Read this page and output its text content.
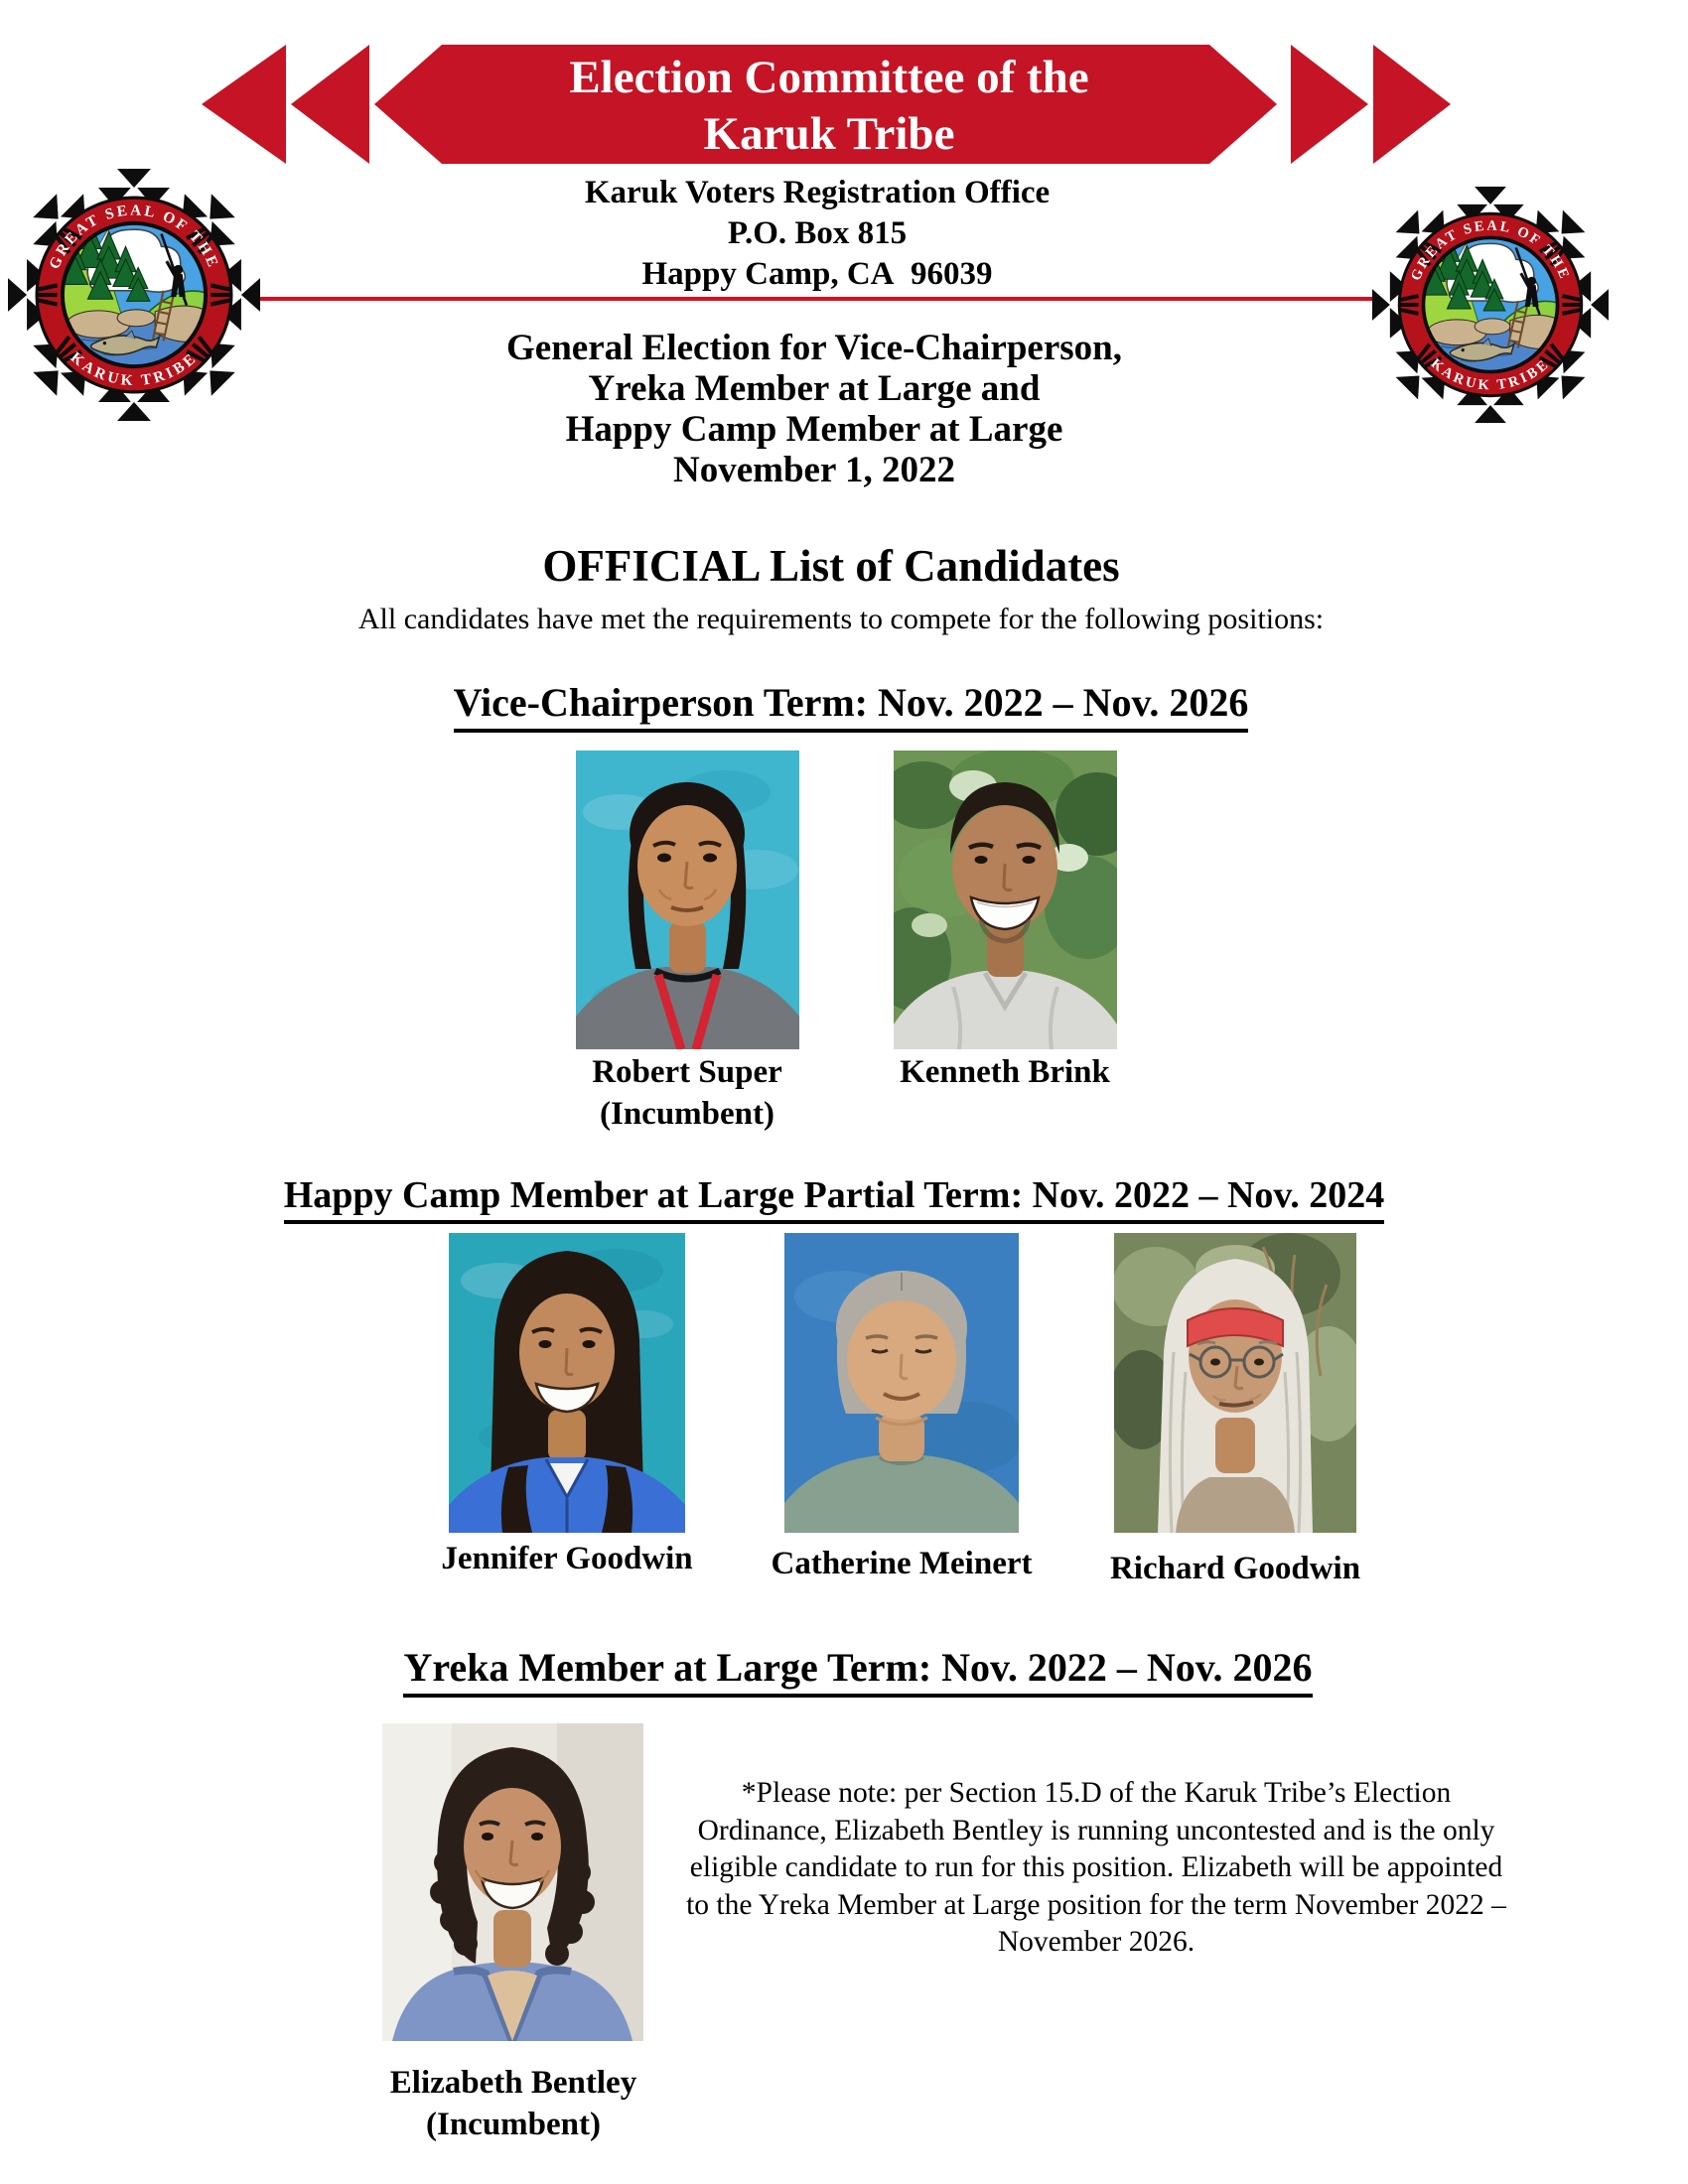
Election Committee of the
Karuk Tribe
Karuk Voters Registration Office
P.O. Box 815
Happy Camp, CA  96039
General Election for Vice-Chairperson,
Yreka Member at Large and
Happy Camp Member at Large
November 1, 2022
OFFICIAL List of Candidates
All candidates have met the requirements to compete for the following positions:
Vice-Chairperson Term: Nov. 2022 – Nov. 2026
Robert Super
(Incumbent)
Kenneth Brink
Happy Camp Member at Large Partial Term: Nov. 2022 – Nov. 2024
Jennifer Goodwin	Catherine Meinert	Richard Goodwin
Yreka Member at Large Term: Nov. 2022 – Nov. 2026
*Please note: per Section 15.D of the Karuk Tribe’s Election Ordinance, Elizabeth Bentley is running uncontested and is the only eligible candidate to run for this position. Elizabeth will be appointed to the Yreka Member at Large position for the term November 2022 – November 2026.
Elizabeth Bentley
(Incumbent)
